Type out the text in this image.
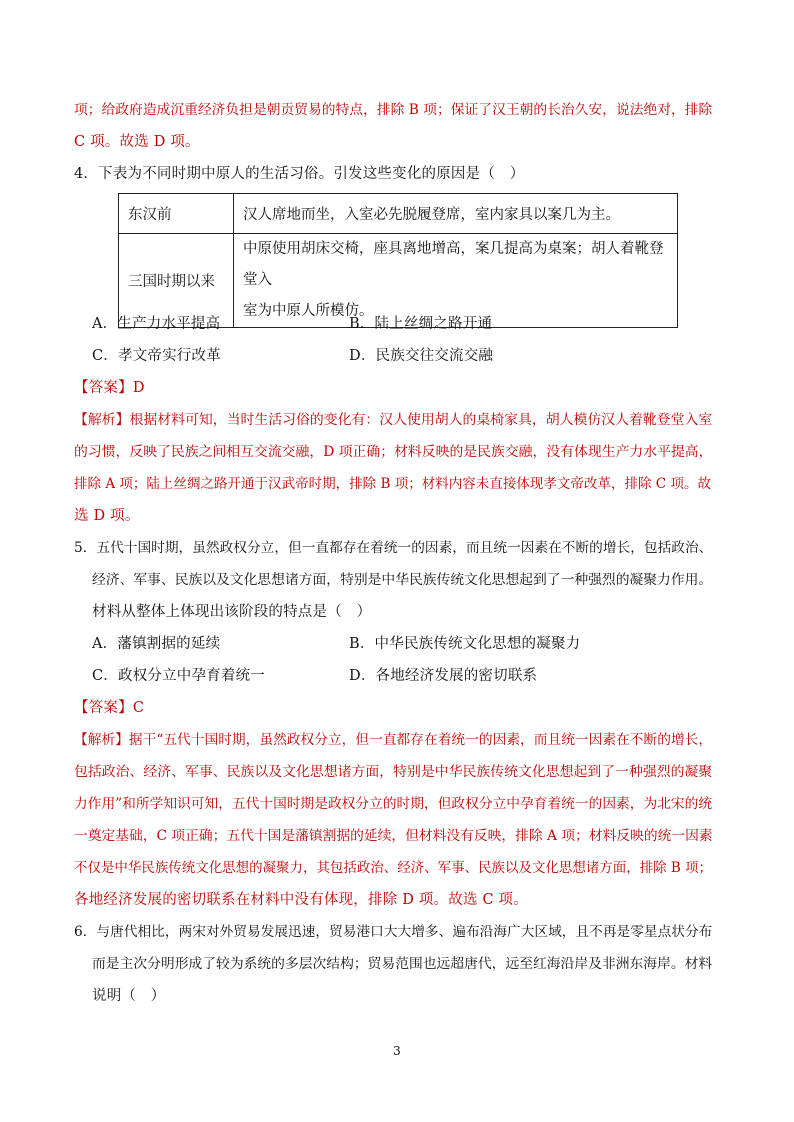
项；给政府造成沉重经济负担是朝贡贸易的特点，排除 B 项；保证了汉王朝的长治久安，说法绝对，排除
C 项。故选 D 项。
4．下表为不同时期中原人的生活习俗。引发这些变化的原因是（　）
东汉前	汉人席地而坐，入室必先脱履登席，室内家具以案几为主。

三国时期以来	中原使用胡床交椅，座具离地增高，案几提高为桌案；胡人着靴登堂入
室为中原人所模仿。
A．生产力水平提高	B．陆上丝绸之路开通
C．孝文帝实行改革	D．民族交往交流交融
【答案】D
【解析】根据材料可知，当时生活习俗的变化有：汉人使用胡人的桌椅家具，胡人模仿汉人着靴登堂入室
的习惯，反映了民族之间相互交流交融，D 项正确；材料反映的是民族交融，没有体现生产力水平提高，
排除 A 项；陆上丝绸之路开通于汉武帝时期，排除 B 项；材料内容未直接体现孝文帝改革，排除 C 项。故
选 D 项。
5．五代十国时期，虽然政权分立，但一直都存在着统一的因素，而且统一因素在不断的增长，包括政治、
经济、军事、民族以及文化思想诸方面，特别是中华民族传统文化思想起到了一种强烈的凝聚力作用。
材料从整体上体现出该阶段的特点是（　）
A．藩镇割据的延续	B．中华民族传统文化思想的凝聚力
C．政权分立中孕育着统一	D．各地经济发展的密切联系
【答案】C
【解析】据干“五代十国时期，虽然政权分立，但一直都存在着统一的因素，而且统一因素在不断的增长，
包括政治、经济、军事、民族以及文化思想诸方面，特别是中华民族传统文化思想起到了一种强烈的凝聚
力作用”和所学知识可知，五代十国时期是政权分立的时期，但政权分立中孕育着统一的因素，为北宋的统
一奠定基础，C 项正确；五代十国是藩镇割据的延续，但材料没有反映，排除 A 项；材料反映的统一因素
不仅是中华民族传统文化思想的凝聚力，其包括政治、经济、军事、民族以及文化思想诸方面，排除 B 项；
各地经济发展的密切联系在材料中没有体现，排除 D 项。故选 C 项。
6．与唐代相比，两宋对外贸易发展迅速，贸易港口大大增多、遍布沿海广大区域，且不再是零星点状分布
而是主次分明形成了较为系统的多层次结构；贸易范围也远超唐代，远至红海沿岸及非洲东海岸。材料
说明（　）
3
